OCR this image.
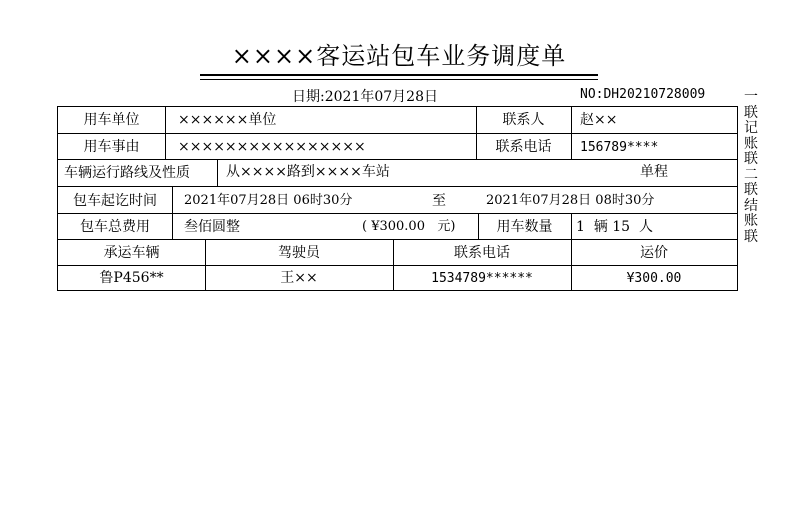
××××客运站包车业务调度单
日期:2021年07月28日	NO:DH20210728009	一
联
记
账
联
二
联
结
账
联
用车单位	××××××单位	联系人	赵××
用车事由	××××××××××××××××	联系电话	156789****
车辆运行路线及性质	从××××路到××××车站	单程
包车起讫时间	2021年07月28日 06时30分	至	2021年07月28日 08时30分
包车总费用	叁佰圆整	( ¥300.00   元)	用车数量	1  辆 15  人
承运车辆	驾驶员	联系电话	运价
鲁P456**	王××	1534789******	¥300.00
